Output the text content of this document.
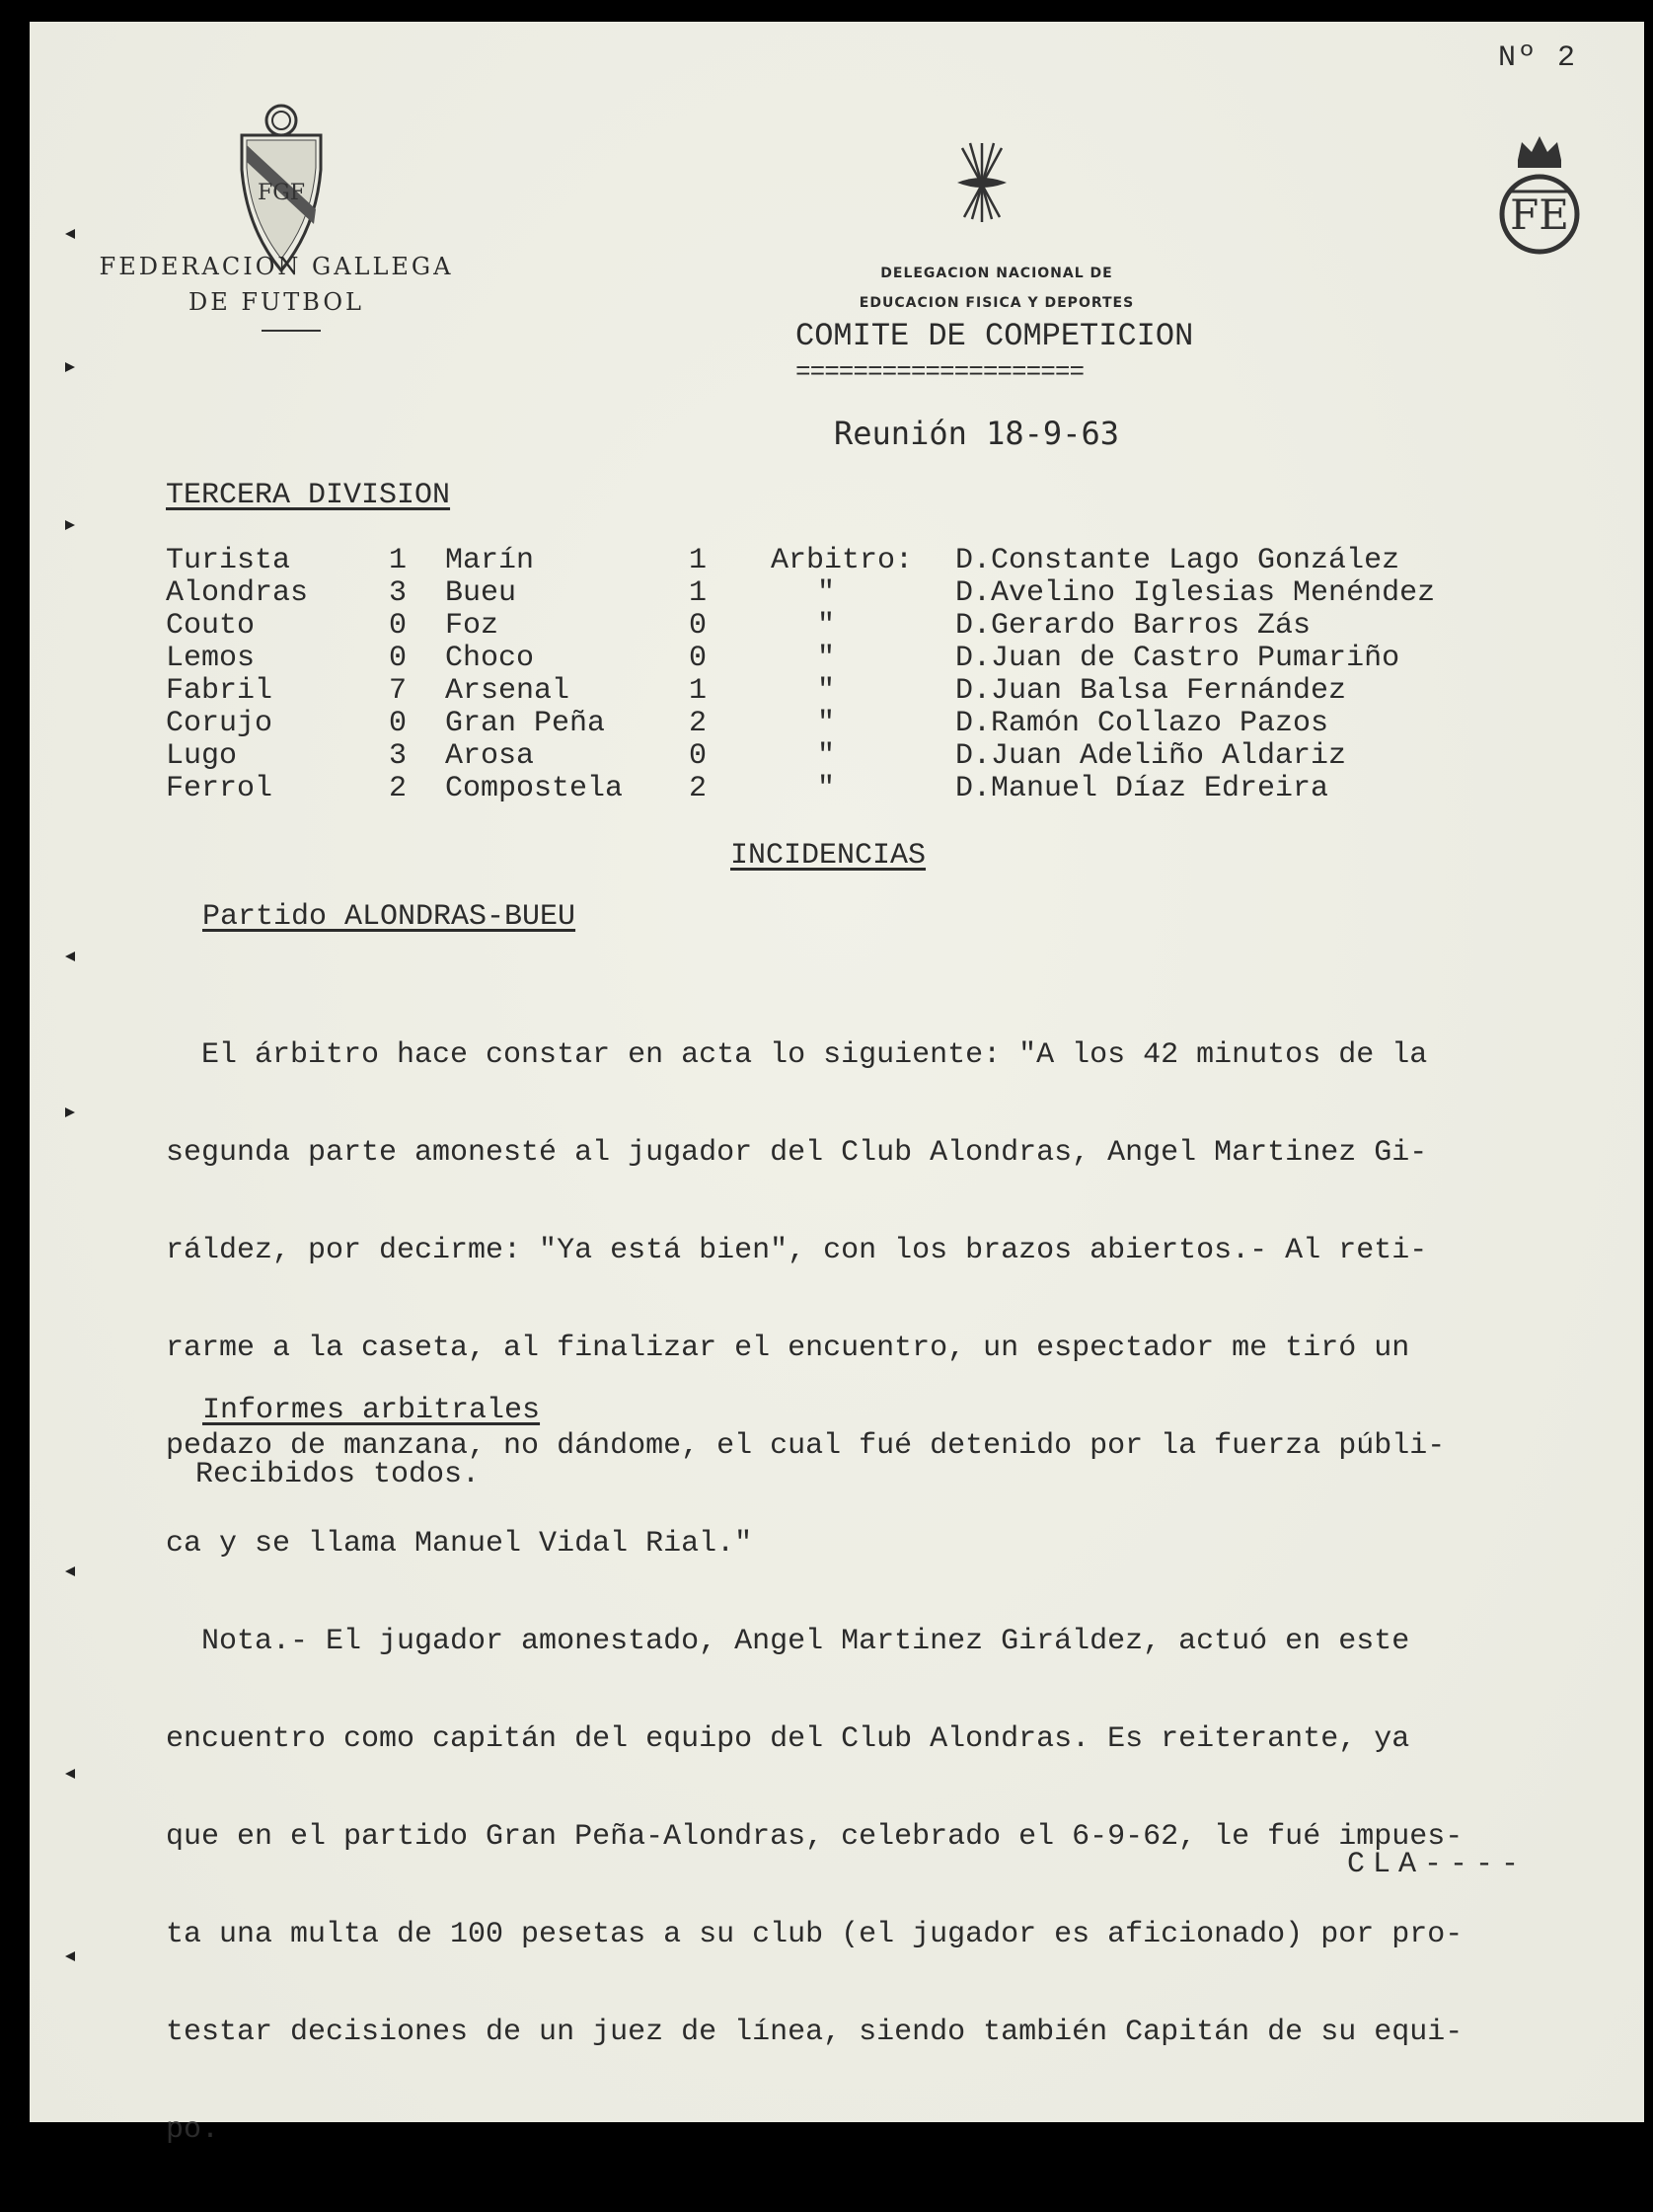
Nº 2
FGF
FEDERACION GALLEGA
DE FUTBOL
DELEGACION NACIONAL DE
EDUCACION FISICA Y DEPORTES
FE
COMITE DE COMPETICION
====================
Reunión 18-9-63
TERCERA DIVISION
Turista	1 Marín	1 Arbitro: D.Constante Lago González
Alondras	3 Bueu	1	"	D.Avelino Iglesias Menéndez
Couto	0 Foz	0	"	D.Gerardo Barros Zás
Lemos	0 Choco	0	"	D.Juan de Castro Pumariño
Fabril	7 Arsenal	1	"	D.Juan Balsa Fernández
Corujo	0 Gran Peña	2	"	D.Ramón Collazo Pazos
Lugo	3 Arosa	0	"	D.Juan Adeliño Aldariz
Ferrol	2 Compostela 2	"	D.Manuel Díaz Edreira
INCIDENCIAS
Partido ALONDRAS-BUEU

El árbitro hace constar en acta lo siguiente: "A los 42 minutos de la

segunda parte amonesté al jugador del Club Alondras, Angel Martinez Gi-

ráldez, por decirme: "Ya está bien", con los brazos abiertos.- Al reti-

rarme a la caseta, al finalizar el encuentro, un espectador me tiró un

pedazo de manzana, no dándome, el cual fué detenido por la fuerza públi-

ca y se llama Manuel Vidal Rial."

Nota.- El jugador amonestado, Angel Martinez Giráldez, actuó en este

encuentro como capitán del equipo del Club Alondras. Es reiterante, ya

que en el partido Gran Peña-Alondras, celebrado el 6-9-62, le fué impues-

ta una multa de 100 pesetas a su club (el jugador es aficionado) por pro-

testar decisiones de un juez de línea, siendo también Capitán de su equi-

po.

Informes arbitrales
Recibidos todos.
CLA----
